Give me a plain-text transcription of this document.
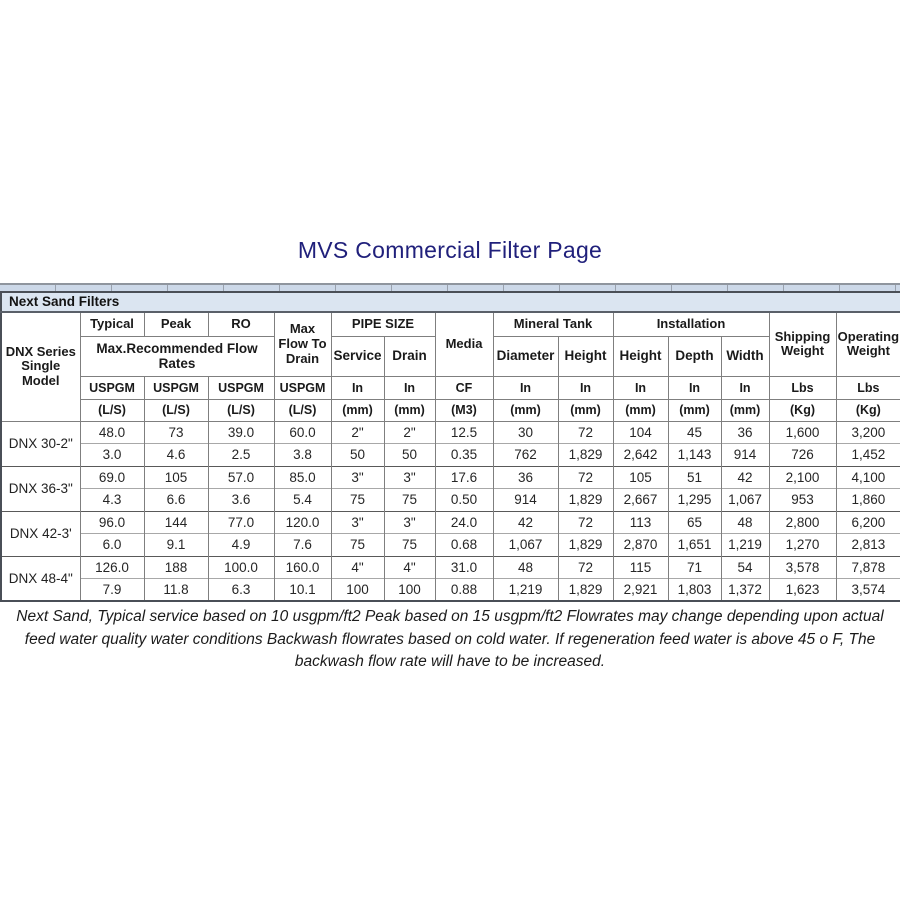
MVS Commercial Filter Page
Next Sand Filters														
DNX Series Single Model	Typical	Peak	RO	Max Flow To Drain	PIPE SIZE		Media	Mineral Tank		Installation			Shipping Weight	Operating Weight
	Max.Recommended Flow Rates				Service	Drain		Diameter	Height	Height	Depth	Width		
	USPGM	USPGM	USPGM	USPGM	In	In	CF	In	In	In	In	In	Lbs	Lbs
	(L/S)	(L/S)	(L/S)	(L/S)	(mm)	(mm)	(M3)	(mm)	(mm)	(mm)	(mm)	(mm)	(Kg)	(Kg)
DNX 30-2"	48.0	73	39.0	60.0	2"	2"	12.5	30	72	104	45	36	1,600	3,200
	3.0	4.6	2.5	3.8	50	50	0.35	762	1,829	2,642	1,143	914	726	1,452
DNX 36-3"	69.0	105	57.0	85.0	3"	3"	17.6	36	72	105	51	42	2,100	4,100
	4.3	6.6	3.6	5.4	75	75	0.50	914	1,829	2,667	1,295	1,067	953	1,860
DNX 42-3'	96.0	144	77.0	120.0	3"	3"	24.0	42	72	113	65	48	2,800	6,200
	6.0	9.1	4.9	7.6	75	75	0.68	1,067	1,829	2,870	1,651	1,219	1,270	2,813
DNX 48-4"	126.0	188	100.0	160.0	4"	4"	31.0	48	72	115	71	54	3,578	7,878
	7.9	11.8	6.3	10.1	100	100	0.88	1,219	1,829	2,921	1,803	1,372	1,623	3,574
Next Sand, Typical service based on 10 usgpm/ft2 Peak based on 15 usgpm/ft2 Flowrates may change depending upon actual feed water quality water conditions Backwash flowrates based on cold water. If regeneration feed water is above 45 o F, The backwash flow rate will have to be increased.
